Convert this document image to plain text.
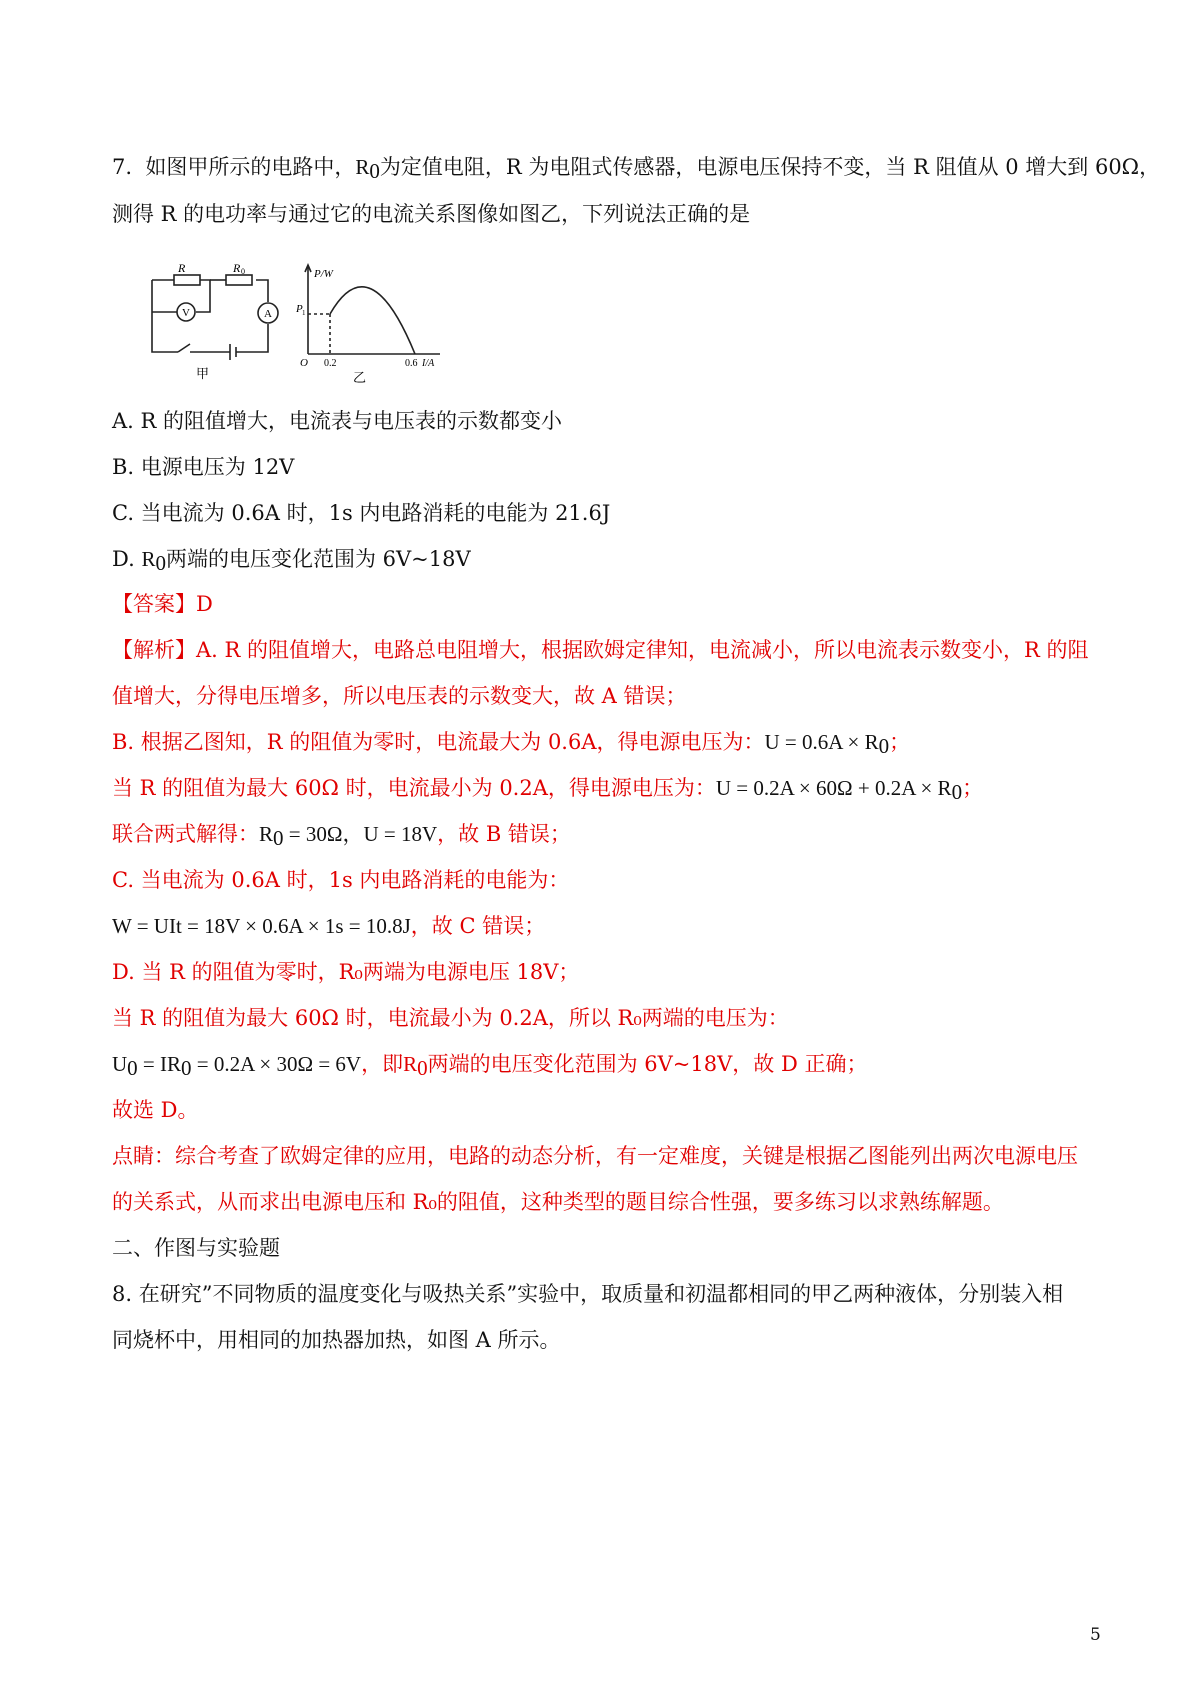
7. 如图甲所示的电路中，$R_0$为定值电阻，R 为电阻式传感器，电源电压保持不变，当 R 阻值从 0 增大到 60Ω，
测得 R 的电功率与通过它的电流关系图像如图乙，下列说法正确的是
R	R 0
V	A
甲
P/W
P 1
O 0.2	0.6 I/A
乙
A. R 的阻值增大，电流表与电压表的示数都变小
B. 电源电压为 12V
C. 当电流为 0.6A 时，1s 内电路消耗的电能为 21.6J
D. $R_0$两端的电压变化范围为 6V~18V
【答案】D
【解析】A. R 的阻值增大，电路总电阻增大，根据欧姆定律知，电流减小，所以电流表示数变小，R 的阻
值增大，分得电压增多，所以电压表的示数变大，故 A 错误；
B. 根据乙图知，R 的阻值为零时，电流最大为 0.6A，得电源电压为：$U = 0.6A \times R_0$；
当 R 的阻值为最大 60Ω 时，电流最小为 0.2A，得电源电压为：$U = 0.2A \times 60\Omega + 0.2A \times R_0$；
联合两式解得：$R_0 = 30\Omega$，U = 18V，故 B 错误；
C. 当电流为 0.6A 时，1s 内电路消耗的电能为：
W = UIt = 18V × 0.6A × 1s = 10.8J，故 C 错误；
D. 当 R 的阻值为零时，R₀两端为电源电压 18V；
当 R 的阻值为最大 60Ω 时，电流最小为 0.2A，所以 R₀两端的电压为：
$U_0 = IR_0 = 0.2A \times 30\Omega = 6V$，即$R_0$两端的电压变化范围为 6V~18V，故 D 正确；
故选 D。
点睛：综合考查了欧姆定律的应用，电路的动态分析，有一定难度，关键是根据乙图能列出两次电源电压
的关系式，从而求出电源电压和 R₀的阻值，这种类型的题目综合性强，要多练习以求熟练解题。
二、作图与实验题
8. 在研究”不同物质的温度变化与吸热关系”实验中，取质量和初温都相同的甲乙两种液体，分别装入相
同烧杯中，用相同的加热器加热，如图 A 所示。
5
